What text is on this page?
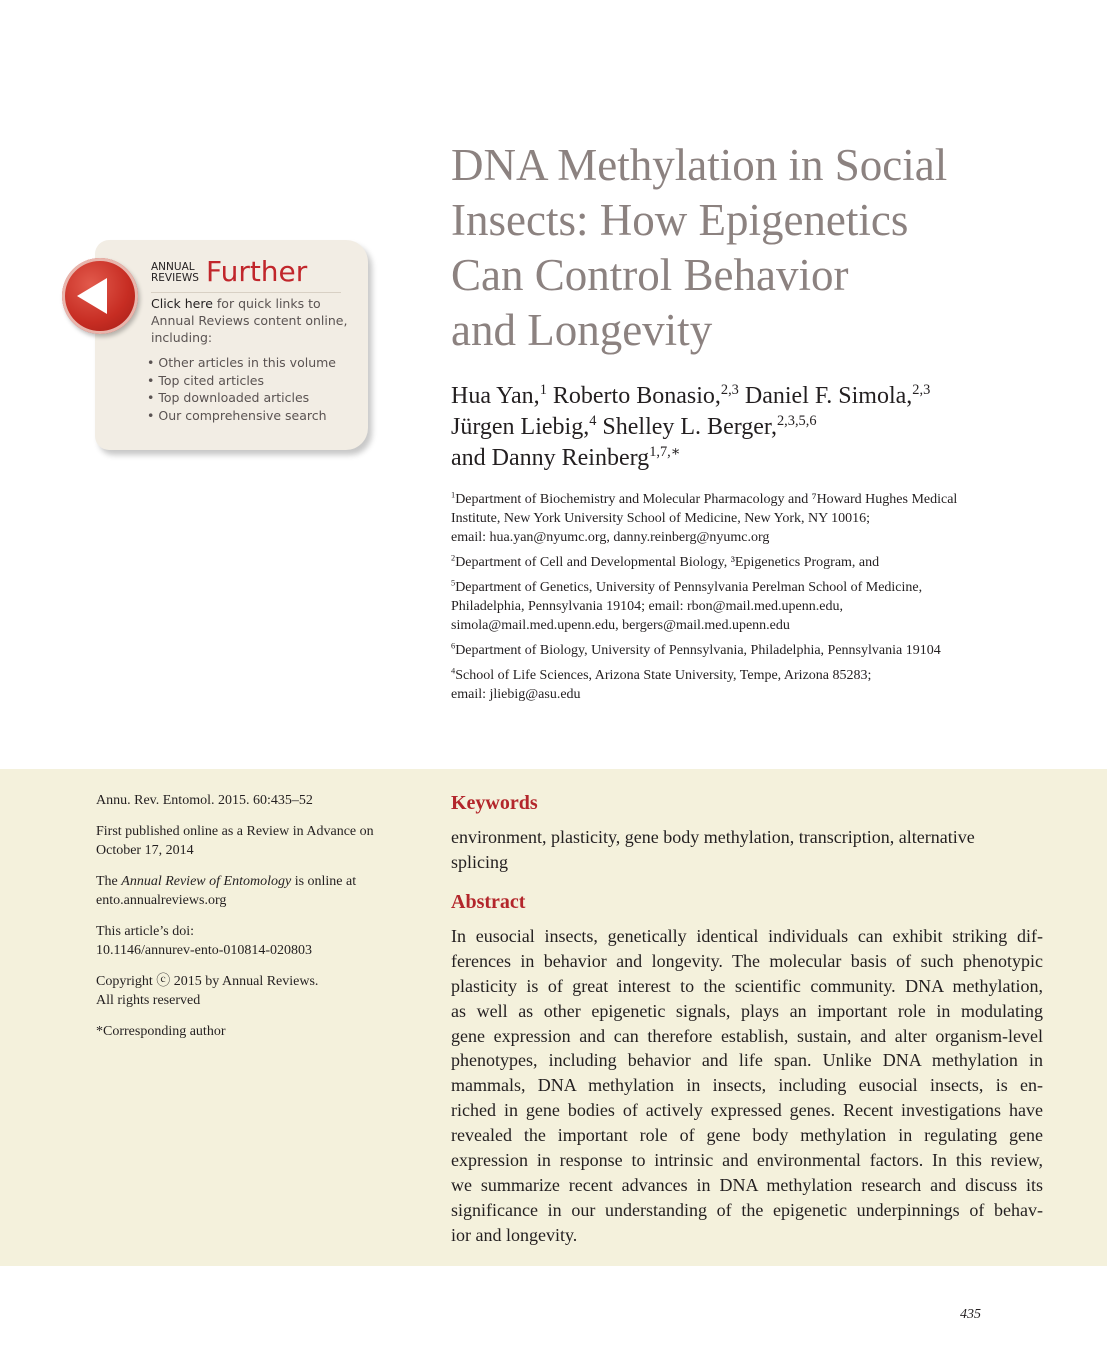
DNA Methylation in Social
Insects: How Epigenetics
Can Control Behavior
and Longevity
Hua Yan,$^1$ Roberto Bonasio,$^{2,3}$ Daniel F. Simola,$^{2,3}$
Jürgen Liebig,$^4$ Shelley L. Berger,$^{2,3,5,6}$
and Danny Reinberg$^{1,7,∗}$

$^1$Department of Biochemistry and Molecular Pharmacology and ⁷Howard Hughes Medical
Institute, New York University School of Medicine, New York, NY 10016;
email: hua.yan@nyumc.org, danny.reinberg@nyumc.org

$^2$Department of Cell and Developmental Biology, ³Epigenetics Program, and

$^5$Department of Genetics, University of Pennsylvania Perelman School of Medicine,
Philadelphia, Pennsylvania 19104; email: rbon@mail.med.upenn.edu,
simola@mail.med.upenn.edu, bergers@mail.med.upenn.edu

$^6$Department of Biology, University of Pennsylvania, Philadelphia, Pennsylvania 19104

$^4$School of Life Sciences, Arizona State University, Tempe, Arizona 85283;
email: jliebig@asu.edu

ANNUAL
REVIEWS Further
Click here for quick links to Annual Reviews content online, including:
• Other articles in this volume
• Top cited articles
• Top downloaded articles
• Our comprehensive search

Annu. Rev. Entomol. 2015. 60:435–52

First published online as a Review in Advance on
October 17, 2014

The Annual Review of Entomology is online at
ento.annualreviews.org

This article’s doi:
10.1146/annurev-ento-010814-020803

Copyright ⓒ 2015 by Annual Reviews.
All rights reserved

*Corresponding author

Keywords
environment, plasticity, gene body methylation, transcription, alternative
splicing
Abstract
In eusocial insects, genetically identical individuals can exhibit striking dif-
ferences in behavior and longevity. The molecular basis of such phenotypic
plasticity is of great interest to the scientific community. DNA methylation,
as well as other epigenetic signals, plays an important role in modulating
gene expression and can therefore establish, sustain, and alter organism-level
phenotypes, including behavior and life span. Unlike DNA methylation in
mammals, DNA methylation in insects, including eusocial insects, is en-
riched in gene bodies of actively expressed genes. Recent investigations have
revealed the important role of gene body methylation in regulating gene
expression in response to intrinsic and environmental factors. In this review,
we summarize recent advances in DNA methylation research and discuss its
significance in our understanding of the epigenetic underpinnings of behav-
ior and longevity.
435
